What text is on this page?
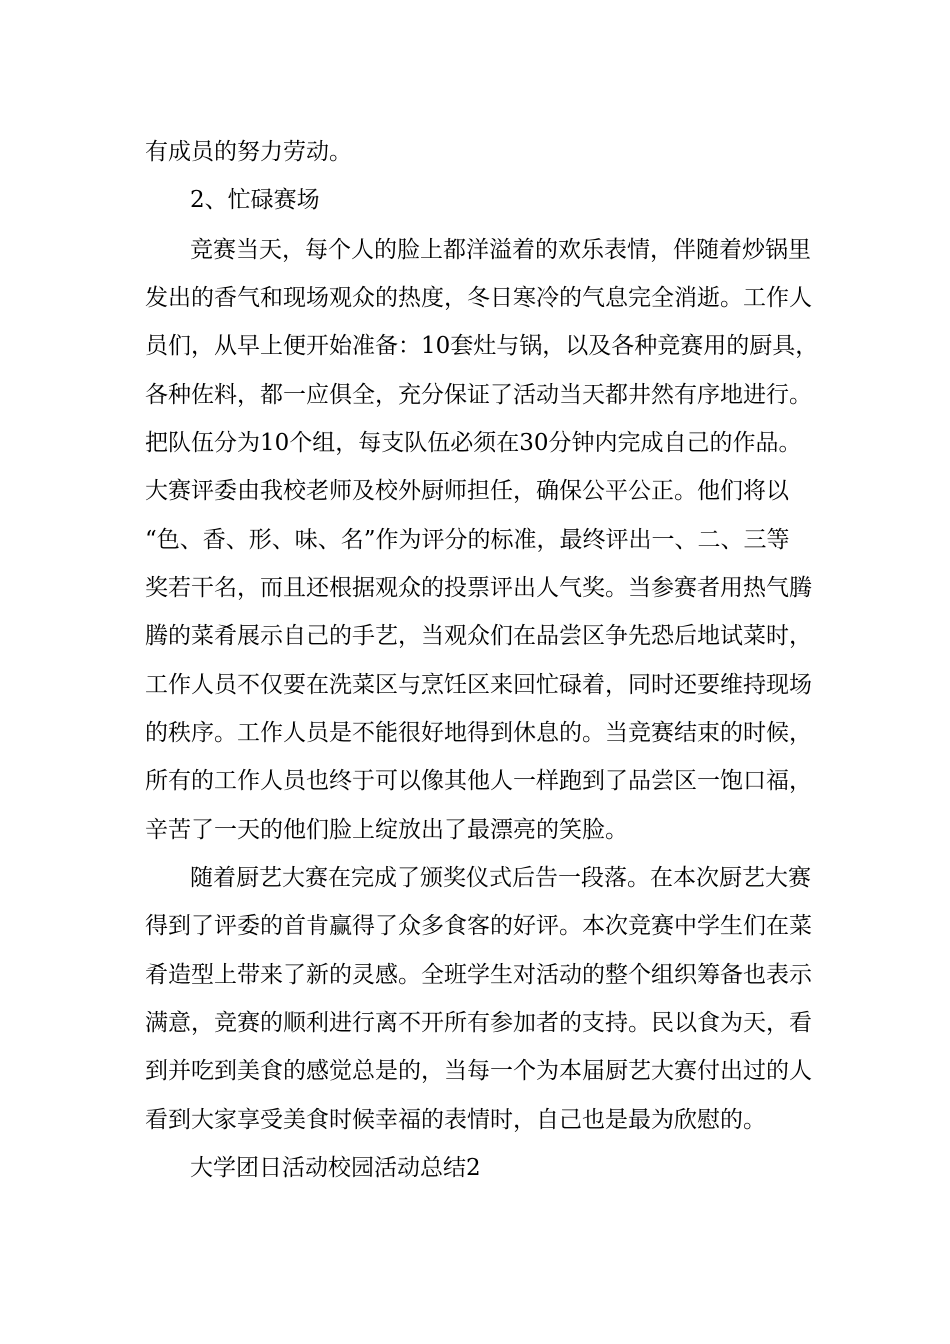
有成员的努力劳动。
2、忙碌赛场
竞赛当天，每个人的脸上都洋溢着的欢乐表情，伴随着炒锅里
发出的香气和现场观众的热度，冬日寒冷的气息完全消逝。工作人
员们，从早上便开始准备：10套灶与锅，以及各种竞赛用的厨具，
各种佐料，都一应俱全，充分保证了活动当天都井然有序地进行。
把队伍分为10个组，每支队伍必须在30分钟内完成自己的作品。
大赛评委由我校老师及校外厨师担任，确保公平公正。他们将以
“色、香、形、味、名”作为评分的标准，最终评出一、二、三等
奖若干名，而且还根据观众的投票评出人气奖。当参赛者用热气腾
腾的菜肴展示自己的手艺，当观众们在品尝区争先恐后地试菜时，
工作人员不仅要在洗菜区与烹饪区来回忙碌着，同时还要维持现场
的秩序。工作人员是不能很好地得到休息的。当竞赛结束的时候，
所有的工作人员也终于可以像其他人一样跑到了品尝区一饱口福，
辛苦了一天的他们脸上绽放出了最漂亮的笑脸。
随着厨艺大赛在完成了颁奖仪式后告一段落。在本次厨艺大赛
得到了评委的首肯赢得了众多食客的好评。本次竞赛中学生们在菜
肴造型上带来了新的灵感。全班学生对活动的整个组织筹备也表示
满意，竞赛的顺利进行离不开所有参加者的支持。民以食为天，看
到并吃到美食的感觉总是的，当每一个为本届厨艺大赛付出过的人
看到大家享受美食时候幸福的表情时，自己也是最为欣慰的。
大学团日活动校园活动总结2
